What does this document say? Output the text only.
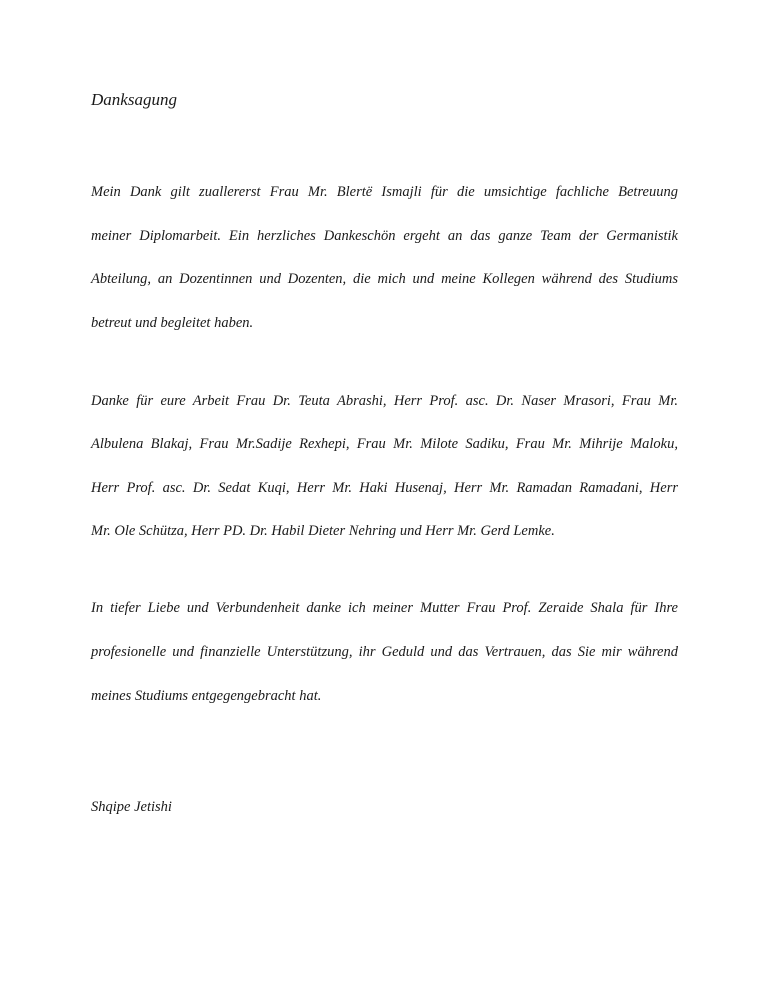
Danksagung

Mein Dank gilt zuallererst Frau Mr. Blertë Ismajli für die umsichtige fachliche Betreuung

meiner Diplomarbeit. Ein herzliches Dankeschön ergeht an das ganze Team der Germanistik

Abteilung, an Dozentinnen und Dozenten, die mich und meine Kollegen während des Studiums

betreut und begleitet haben.

Danke für eure Arbeit Frau Dr. Teuta Abrashi, Herr Prof. asc. Dr. Naser Mrasori, Frau Mr.

Albulena Blakaj, Frau Mr.Sadije Rexhepi, Frau Mr. Milote Sadiku, Frau Mr. Mihrije Maloku,

Herr Prof. asc. Dr. Sedat Kuqi, Herr Mr. Haki Husenaj, Herr Mr. Ramadan Ramadani, Herr

Mr. Ole Schütza, Herr PD. Dr. Habil Dieter Nehring und Herr Mr. Gerd Lemke.

In tiefer Liebe und Verbundenheit danke ich meiner Mutter Frau Prof. Zeraide Shala für Ihre

profesionelle und finanzielle Unterstützung, ihr Geduld und das Vertrauen, das Sie mir während

meines Studiums entgegengebracht hat.

Shqipe Jetishi
